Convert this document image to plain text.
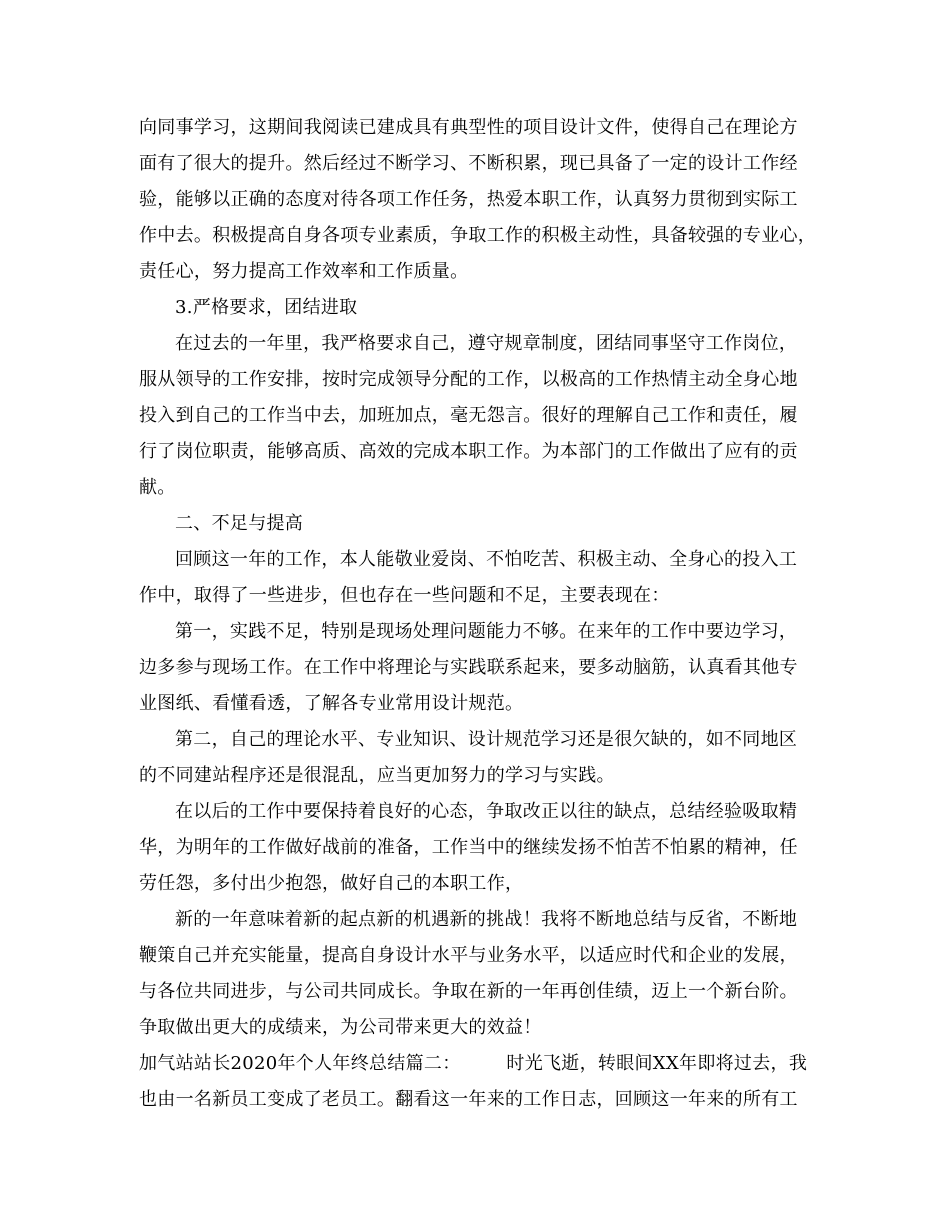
向同事学习，这期间我阅读已建成具有典型性的项目设计文件，使得自己在理论方
面有了很大的提升。然后经过不断学习、不断积累，现已具备了一定的设计工作经
验，能够以正确的态度对待各项工作任务，热爱本职工作，认真努力贯彻到实际工
作中去。积极提高自身各项专业素质，争取工作的积极主动性，具备较强的专业心，
责任心，努力提高工作效率和工作质量。
3.严格要求，团结进取
在过去的一年里，我严格要求自己，遵守规章制度，团结同事坚守工作岗位，
服从领导的工作安排，按时完成领导分配的工作，以极高的工作热情主动全身心地
投入到自己的工作当中去，加班加点，毫无怨言。很好的理解自己工作和责任，履
行了岗位职责，能够高质、高效的完成本职工作。为本部门的工作做出了应有的贡
献。
二、不足与提高
回顾这一年的工作，本人能敬业爱岗、不怕吃苦、积极主动、全身心的投入工
作中，取得了一些进步，但也存在一些问题和不足，主要表现在：
第一，实践不足，特别是现场处理问题能力不够。在来年的工作中要边学习，
边多参与现场工作。在工作中将理论与实践联系起来，要多动脑筋，认真看其他专
业图纸、看懂看透，了解各专业常用设计规范。
第二，自己的理论水平、专业知识、设计规范学习还是很欠缺的，如不同地区
的不同建站程序还是很混乱，应当更加努力的学习与实践。
在以后的工作中要保持着良好的心态，争取改正以往的缺点，总结经验吸取精
华，为明年的工作做好战前的准备，工作当中的继续发扬不怕苦不怕累的精神，任
劳任怨，多付出少抱怨，做好自己的本职工作，
新的一年意味着新的起点新的机遇新的挑战！我将不断地总结与反省，不断地
鞭策自己并充实能量，提高自身设计水平与业务水平，以适应时代和企业的发展，
与各位共同进步，与公司共同成长。争取在新的一年再创佳绩，迈上一个新台阶。
争取做出更大的成绩来，为公司带来更大的效益！
加气站站长2020年个人年终总结篇二：　　　时光飞逝，转眼间XX年即将过去，我
也由一名新员工变成了老员工。翻看这一年来的工作日志，回顾这一年来的所有工
